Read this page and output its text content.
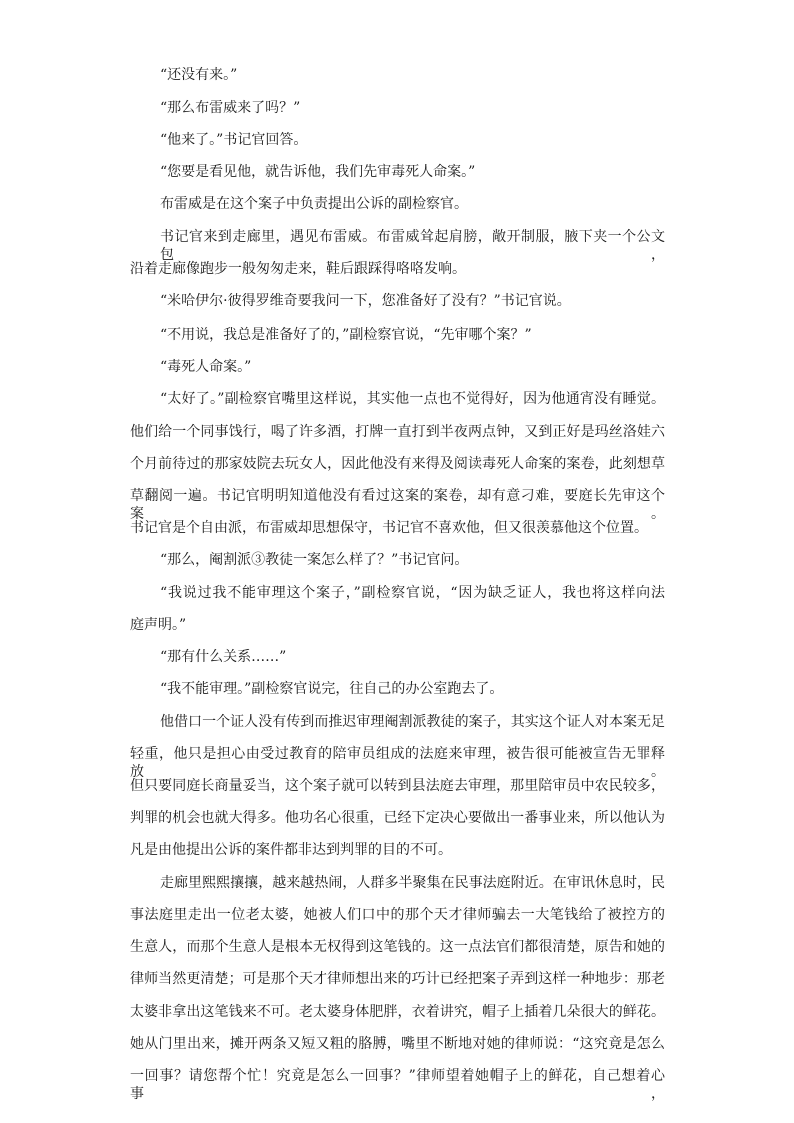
“还没有来。”
“那么布雷威来了吗？”
“他来了。”书记官回答。
“您要是看见他，就告诉他，我们先审毒死人命案。”
布雷威是在这个案子中负责提出公诉的副检察官。
书记官来到走廊里，遇见布雷威。布雷威耸起肩膀，敞开制服，腋下夹一个公文包，
沿着走廊像跑步一般匆匆走来，鞋后跟踩得咯咯发响。
“米哈伊尔·彼得罗维奇要我问一下，您准备好了没有？”书记官说。
“不用说，我总是准备好了的，”副检察官说，“先审哪个案？”
“毒死人命案。”
“太好了。”副检察官嘴里这样说，其实他一点也不觉得好，因为他通宵没有睡觉。
他们给一个同事饯行，喝了许多酒，打牌一直打到半夜两点钟，又到正好是玛丝洛娃六
个月前待过的那家妓院去玩女人，因此他没有来得及阅读毒死人命案的案卷，此刻想草
草翻阅一遍。书记官明明知道他没有看过这案的案卷，却有意刁难，要庭长先审这个案。
书记官是个自由派，布雷威却思想保守，书记官不喜欢他，但又很羡慕他这个位置。
“那么，阉割派③教徒一案怎么样了？”书记官问。
“我说过我不能审理这个案子，”副检察官说，“因为缺乏证人，我也将这样向法
庭声明。”
“那有什么关系……”
“我不能审理。”副检察官说完，往自己的办公室跑去了。
他借口一个证人没有传到而推迟审理阉割派教徒的案子，其实这个证人对本案无足
轻重，他只是担心由受过教育的陪审员组成的法庭来审理，被告很可能被宣告无罪释放。
但只要同庭长商量妥当，这个案子就可以转到县法庭去审理，那里陪审员中农民较多，
判罪的机会也就大得多。他功名心很重，已经下定决心要做出一番事业来，所以他认为
凡是由他提出公诉的案件都非达到判罪的目的不可。
走廊里熙熙攘攘，越来越热闹，人群多半聚集在民事法庭附近。在审讯休息时，民
事法庭里走出一位老太婆，她被人们口中的那个天才律师骗去一大笔钱给了被控方的
生意人，而那个生意人是根本无权得到这笔钱的。这一点法官们都很清楚，原告和她的
律师当然更清楚；可是那个天才律师想出来的巧计已经把案子弄到这样一种地步：那老
太婆非拿出这笔钱来不可。老太婆身体肥胖，衣着讲究，帽子上插着几朵很大的鲜花。
她从门里出来，摊开两条又短又粗的胳膊，嘴里不断地对她的律师说：“这究竟是怎么
一回事？请您帮个忙！究竟是怎么一回事？”律师望着她帽子上的鲜花，自己想着心事，
